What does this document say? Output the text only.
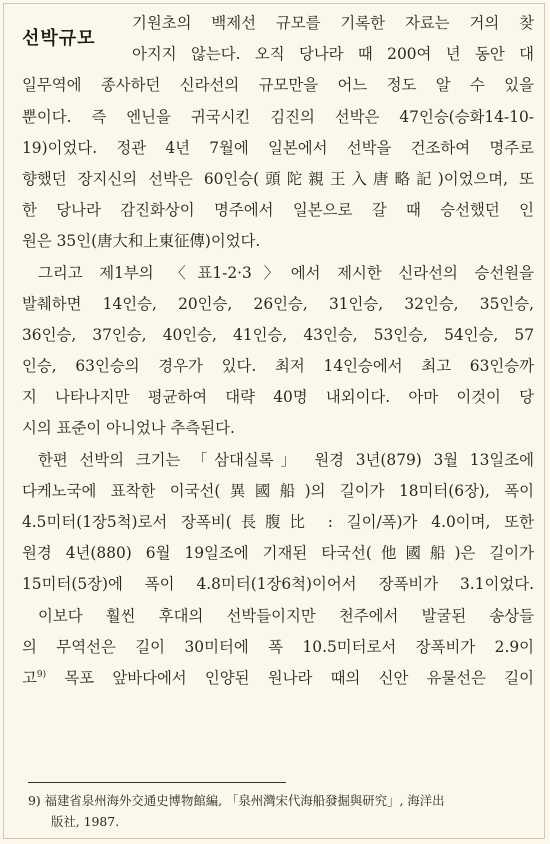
선박규모
기원초의 백제선 규모를 기록한 자료는 거의 찾
아지지 않는다. 오직 당나라 때 200여 년 동안 대
일무역에 종사하던 신라선의 규모만을 어느 정도 알 수 있을
뿐이다. 즉 엔닌을 귀국시킨 김진의 선박은 47인승(승화14-10-
19)이었다. 정관 4년 7월에 일본에서 선박을 건조하여 명주로
향했던 장지신의 선박은 60인승(頭陀親王入唐略記)이었으며, 또
한 당나라 감진화상이 명주에서 일본으로 갈 때 승선했던 인
원은 35인(唐大和上東征傳)이었다.
그리고 제1부의 〈표1-2·3〉에서 제시한 신라선의 승선원을
발췌하면 14인승, 20인승, 26인승, 31인승, 32인승, 35인승,
36인승, 37인승, 40인승, 41인승, 43인승, 53인승, 54인승, 57
인승, 63인승의 경우가 있다. 최저 14인승에서 최고 63인승까
지 나타나지만 평균하여 대략 40명 내외이다. 아마 이것이 당
시의 표준이 아니었나 추측된다.
한편 선박의 크기는 「삼대실록」 원경 3년(879) 3월 13일조에
다케노국에 표착한 이국선(異國船)의 길이가 18미터(6장), 폭이
4.5미터(1장5척)로서 장폭비(長腹比 : 길이/폭)가 4.0이며, 또한
원경 4년(880) 6월 19일조에 기재된 타국선(他國船)은 길이가
15미터(5장)에 폭이 4.8미터(1장6척)이어서 장폭비가 3.1이었다.
이보다 훨씬 후대의 선박들이지만 천주에서 발굴된 송상들
의 무역선은 길이 30미터에 폭 10.5미터로서 장폭비가 2.9이
고$^{9)}$ 목포 앞바다에서 인양된 원나라 때의 신안 유물선은 길이
9) 福建省泉州海外交通史博物館編, 「泉州灣宋代海船發掘與研究」, 海洋出
版社, 1987.
